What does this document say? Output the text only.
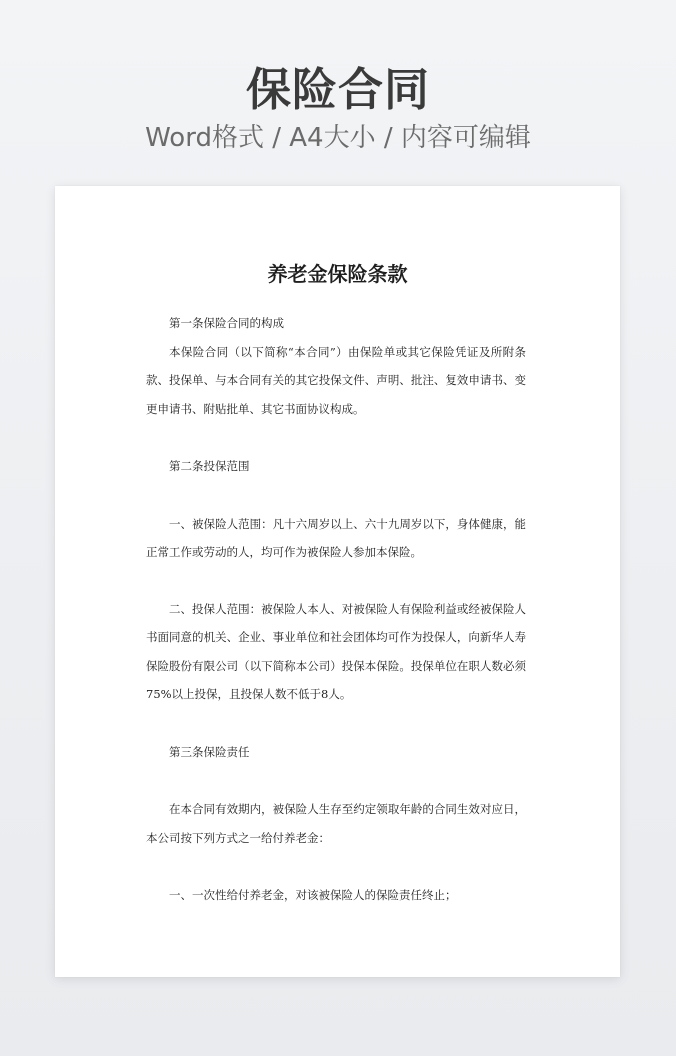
保险合同
Word格式 / A4大小 / 内容可编辑
养老金保险条款
第一条保险合同的构成
本保险合同（以下简称“本合同”）由保险单或其它保险凭证及所附条款、投保单、与本合同有关的其它投保文件、声明、批注、复效申请书、变更申请书、附贴批单、其它书面协议构成。
第二条投保范围
一、被保险人范围：凡十六周岁以上、六十九周岁以下，身体健康，能正常工作或劳动的人，均可作为被保险人参加本保险。
二、投保人范围：被保险人本人、对被保险人有保险利益或经被保险人书面同意的机关、企业、事业单位和社会团体均可作为投保人，向新华人寿保险股份有限公司（以下简称本公司）投保本保险。投保单位在职人数必须75%以上投保，且投保人数不低于8人。
第三条保险责任
在本合同有效期内，被保险人生存至约定领取年龄的合同生效对应日，本公司按下列方式之一给付养老金：
一、一次性给付养老金，对该被保险人的保险责任终止；
